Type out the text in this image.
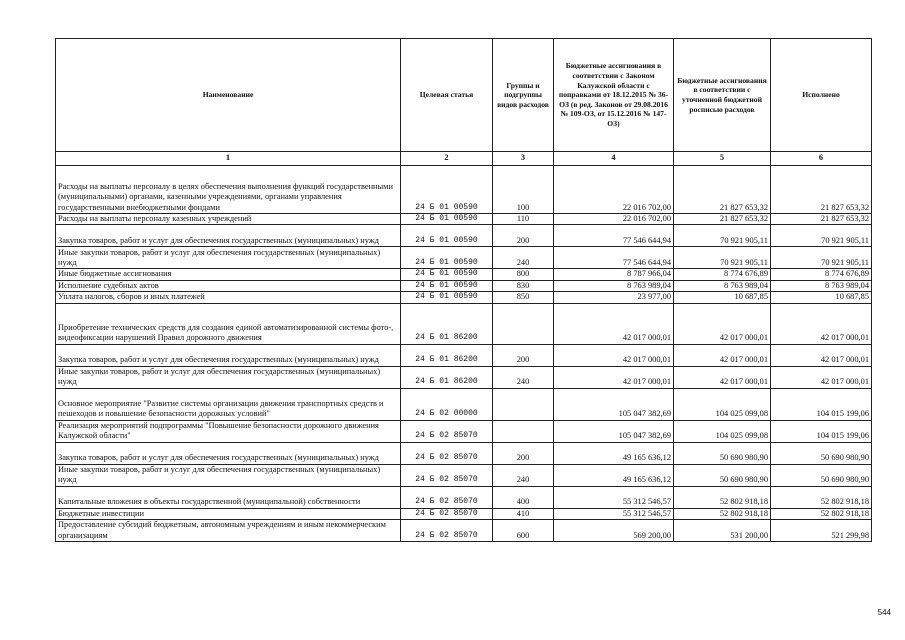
Наименование	Целевая статья	Группы и подгруппы видов расходов	Бюджетные ассигнования в соответствии с Законом Калужской области с поправками от 18.12.2015 № 36-ОЗ (в ред. Законов от 29.08.2016 № 109-ОЗ, от 15.12.2016 № 147-ОЗ)	Бюджетные ассигнования в соответствии с уточненной бюджетной росписью расходов	Исполнено
1	2	3	4	5	6
Расходы на выплаты персоналу в целях обеспечения выполнения функций государственными (муниципальными) органами, казенными учреждениями, органами управления государственными внебюджетными фондами	24 Б 01 00590	100	22 016 702,00	21 827 653,32	21 827 653,32
Расходы на выплаты персоналу казенных учреждений	24 Б 01 00590	110	22 016 702,00	21 827 653,32	21 827 653,32
Закупка товаров, работ и услуг для обеспечения государственных (муниципальных) нужд	24 Б 01 00590	200	77 546 644,94	70 921 905,11	70 921 905,11
Иные закупки товаров, работ и услуг для обеспечения государственных (муниципальных) нужд	24 Б 01 00590	240	77 546 644,94	70 921 905,11	70 921 905,11
Иные бюджетные ассигнования	24 Б 01 00590	800	8 787 966,04	8 774 676,89	8 774 676,89
Исполнение судебных актов	24 Б 01 00590	830	8 763 989,04	8 763 989,04	8 763 989,04
Уплата налогов, сборов и иных платежей	24 Б 01 00590	850	23 977,00	10 687,85	10 687,85
Приобретение технических средств для создания единой автоматизированной системы фото-, видеофиксации нарушений Правил дорожного движения	24 Б 01 86200		42 017 000,01	42 017 000,01	42 017 000,01
Закупка товаров, работ и услуг для обеспечения государственных (муниципальных) нужд	24 Б 01 86200	200	42 017 000,01	42 017 000,01	42 017 000,01
Иные закупки товаров, работ и услуг для обеспечения государственных (муниципальных) нужд	24 Б 01 86200	240	42 017 000,01	42 017 000,01	42 017 000,01
Основное мероприятие "Развитие системы организации движения транспортных средств и пешеходов и повышение безопасности дорожных условий"	24 Б 02 00000		105 047 382,69	104 025 099,08	104 015 199,06
Реализация мероприятий подпрограммы "Повышение безопасности дорожного движения Калужской области"	24 Б 02 85070		105 047 382,69	104 025 099,08	104 015 199,06
Закупка товаров, работ и услуг для обеспечения государственных (муниципальных) нужд	24 Б 02 85070	200	49 165 636,12	50 690 980,90	50 690 980,90
Иные закупки товаров, работ и услуг для обеспечения государственных (муниципальных) нужд	24 Б 02 85070	240	49 165 636,12	50 690 980,90	50 690 980,90
Капитальные вложения в объекты государственной (муниципальной) собственности	24 Б 02 85070	400	55 312 546,57	52 802 918,18	52 802 918,18
Бюджетные инвестиции	24 Б 02 85070	410	55 312 546,57	52 802 918,18	52 802 918,18
Предоставление субсидий бюджетным, автономным учреждениям и иным некоммерческим организациям	24 Б 02 85070	600	569 200,00	531 200,00	521 299,98
544
